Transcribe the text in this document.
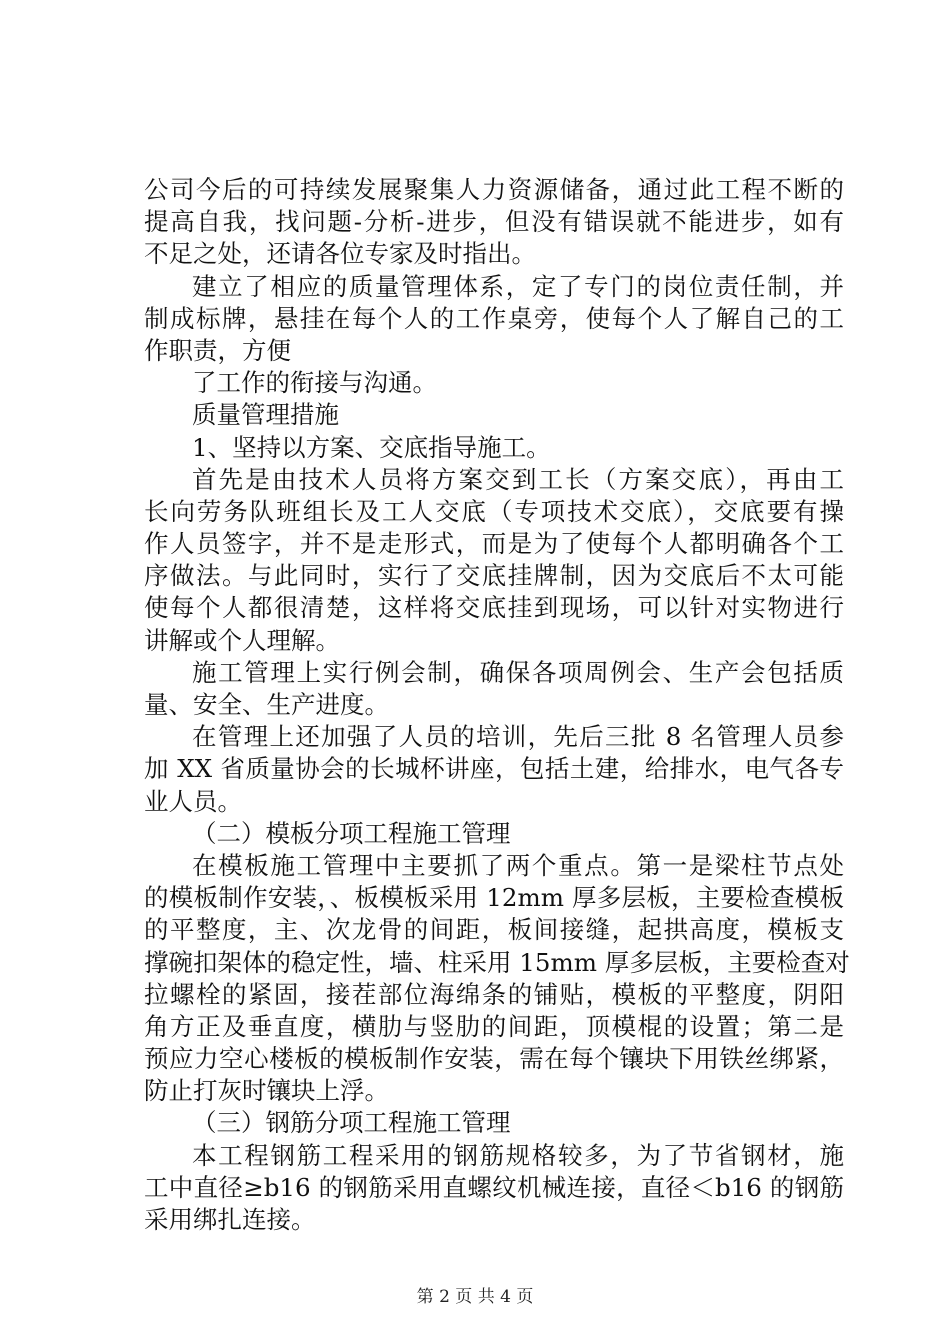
公司今后的可持续发展聚集人力资源储备，通过此工程不断的
提高自我，找问题-分析-进步，但没有错误就不能进步，如有
不足之处，还请各位专家及时指出。
建立了相应的质量管理体系，定了专门的岗位责任制，并
制成标牌，悬挂在每个人的工作桌旁，使每个人了解自己的工
作职责，方便
了工作的衔接与沟通。
质量管理措施
1、坚持以方案、交底指导施工。
首先是由技术人员将方案交到工长（方案交底），再由工
长向劳务队班组长及工人交底（专项技术交底），交底要有操
作人员签字，并不是走形式，而是为了使每个人都明确各个工
序做法。与此同时，实行了交底挂牌制，因为交底后不太可能
使每个人都很清楚，这样将交底挂到现场，可以针对实物进行
讲解或个人理解。
施工管理上实行例会制，确保各项周例会、生产会包括质
量、安全、生产进度。
在管理上还加强了人员的培训，先后三批 8 名管理人员参
加 XX 省质量协会的长城杯讲座，包括土建，给排水，电气各专
业人员。
（二）模板分项工程施工管理
在模板施工管理中主要抓了两个重点。第一是梁柱节点处
的模板制作安装，、板模板采用 12mm 厚多层板，主要检查模板
的平整度，主、次龙骨的间距，板间接缝，起拱高度，模板支
撑碗扣架体的稳定性，墙、柱采用 15mm 厚多层板，主要检查对
拉螺栓的紧固，接茬部位海绵条的铺贴，模板的平整度，阴阳
角方正及垂直度，横肋与竖肋的间距，顶模棍的设置；第二是
预应力空心楼板的模板制作安装，需在每个镶块下用铁丝绑紧，
防止打灰时镶块上浮。
（三）钢筋分项工程施工管理
本工程钢筋工程采用的钢筋规格较多，为了节省钢材，施
工中直径≥b16 的钢筋采用直螺纹机械连接，直径＜b16 的钢筋
采用绑扎连接。
第 2 页 共 4 页
